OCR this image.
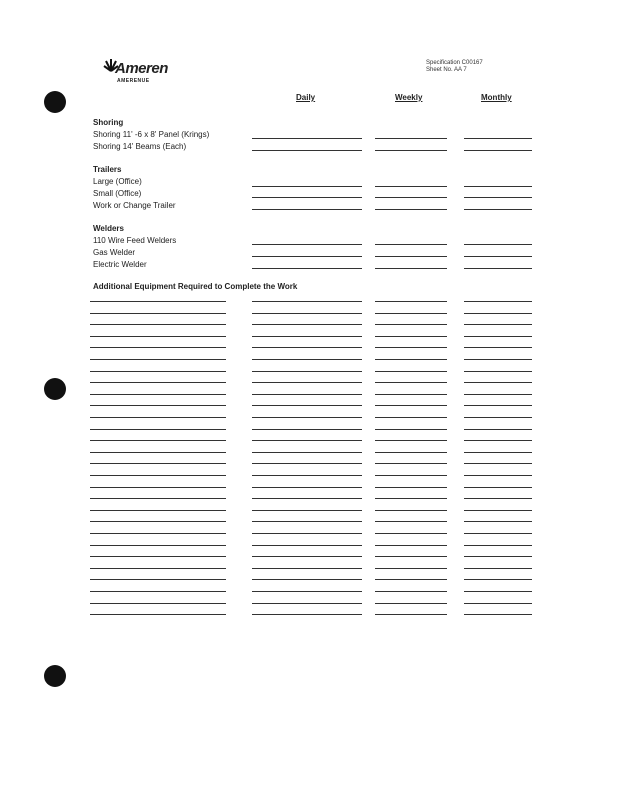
Ameren
AMERENUE
Specification C00167
Sheet No. AA 7
Daily	Weekly	Monthly
Shoring
Shoring 11' -6 x 8' Panel (Krings)
Shoring 14' Beams (Each)
Trailers
Large (Office)
Small (Office)
Work or Change Trailer
Welders
110 Wire Feed Welders
Gas Welder
Electric Welder
Additional Equipment Required to Complete the Work
